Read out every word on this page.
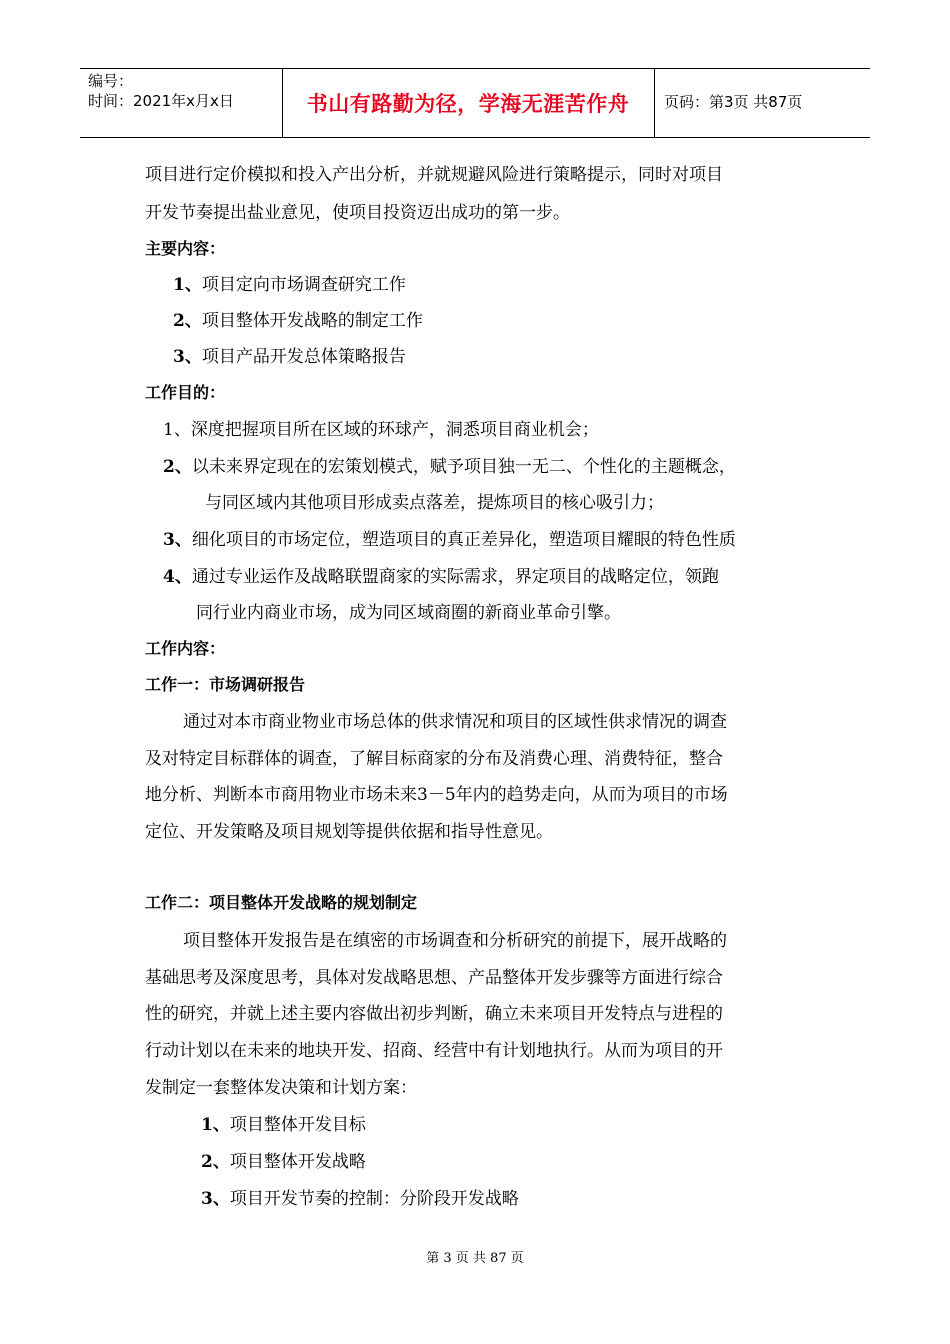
编号：
时间：2021年x月x日	书山有路勤为径，学海无涯苦作舟	页码：第3页 共87页
项目进行定价模拟和投入产出分析，并就规避风险进行策略提示，同时对项目
开发节奏提出盐业意见，使项目投资迈出成功的第一步。
主要内容：
1、项目定向市场调查研究工作
2、项目整体开发战略的制定工作
3、项目产品开发总体策略报告
工作目的：
1、深度把握项目所在区域的环球产，洞悉项目商业机会；
2、以未来界定现在的宏策划模式，赋予项目独一无二、个性化的主题概念，
与同区域内其他项目形成卖点落差，提炼项目的核心吸引力；
3、细化项目的市场定位，塑造项目的真正差异化，塑造项目耀眼的特色性质
4、通过专业运作及战略联盟商家的实际需求，界定项目的战略定位，领跑
同行业内商业市场，成为同区域商圈的新商业革命引擎。
工作内容：
工作一：市场调研报告
通过对本市商业物业市场总体的供求情况和项目的区域性供求情况的调查
及对特定目标群体的调查，了解目标商家的分布及消费心理、消费特征，整合
地分析、判断本市商用物业市场未来3－5年内的趋势走向，从而为项目的市场
定位、开发策略及项目规划等提供依据和指导性意见。
工作二：项目整体开发战略的规划制定
项目整体开发报告是在缜密的市场调查和分析研究的前提下，展开战略的
基础思考及深度思考，具体对发战略思想、产品整体开发步骤等方面进行综合
性的研究，并就上述主要内容做出初步判断，确立未来项目开发特点与进程的
行动计划以在未来的地块开发、招商、经营中有计划地执行。从而为项目的开
发制定一套整体发决策和计划方案：
1、项目整体开发目标
2、项目整体开发战略
3、项目开发节奏的控制：分阶段开发战略
第 3 页 共 87 页
